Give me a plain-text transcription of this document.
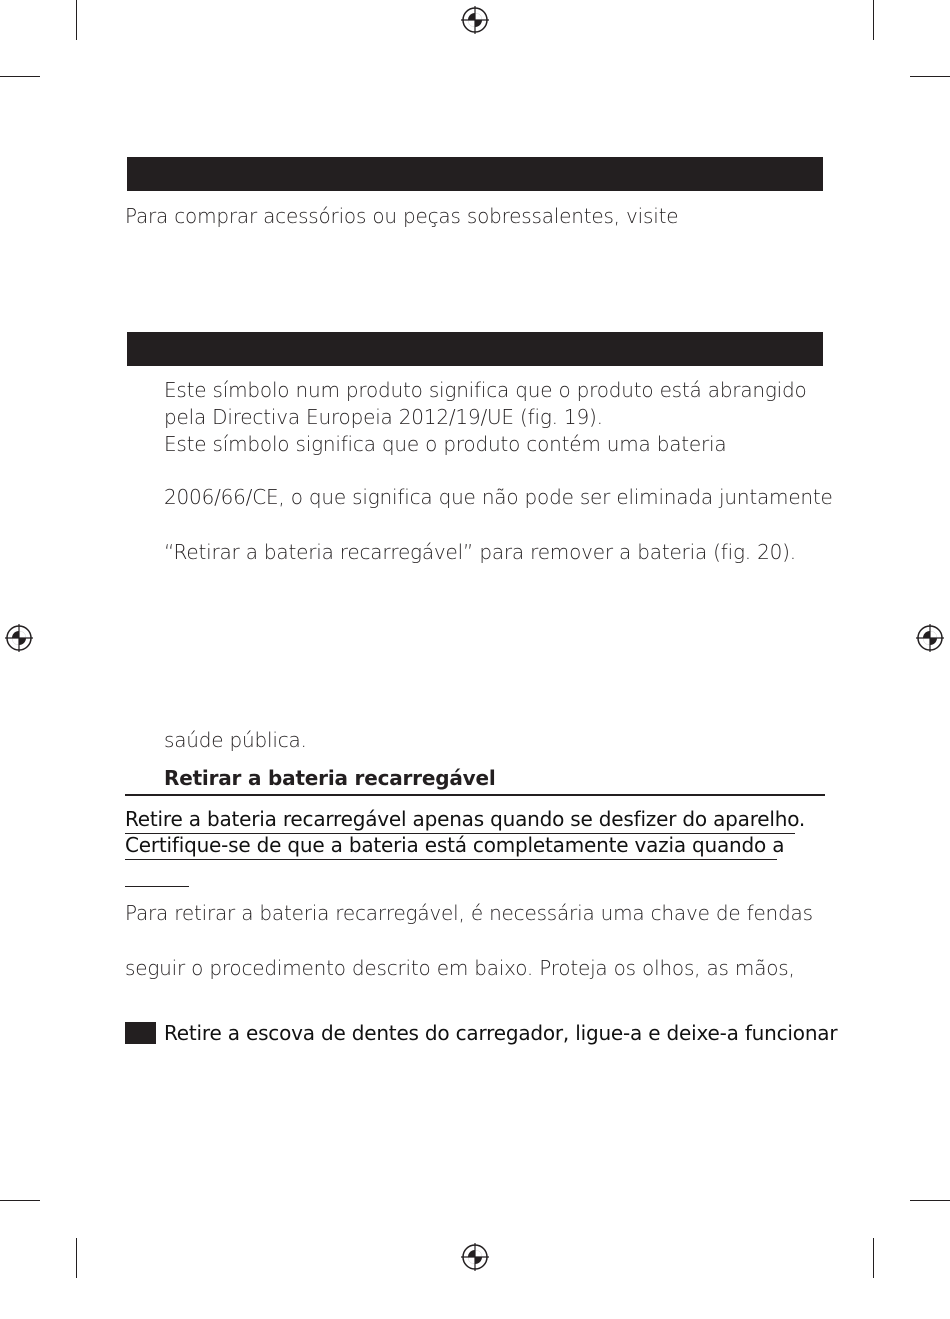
Para comprar acessórios ou peças sobressalentes, visite
Este símbolo num produto significa que o produto está abrangido
pela Directiva Europeia 2012/19/UE (fig. 19).
Este símbolo significa que o produto contém uma bateria
2006/66/CE, o que significa que não pode ser eliminada juntamente
“Retirar a bateria recarregável” para remover a bateria (fig. 20).
saúde pública.
Retirar a bateria recarregável
Retire a bateria recarregável apenas quando se desfizer do aparelho.
Certifique-se de que a bateria está completamente vazia quando a
Para retirar a bateria recarregável, é necessária uma chave de fendas
seguir o procedimento descrito em baixo. Proteja os olhos, as mãos,
Retire a escova de dentes do carregador, ligue-a e deixe-a funcionar
